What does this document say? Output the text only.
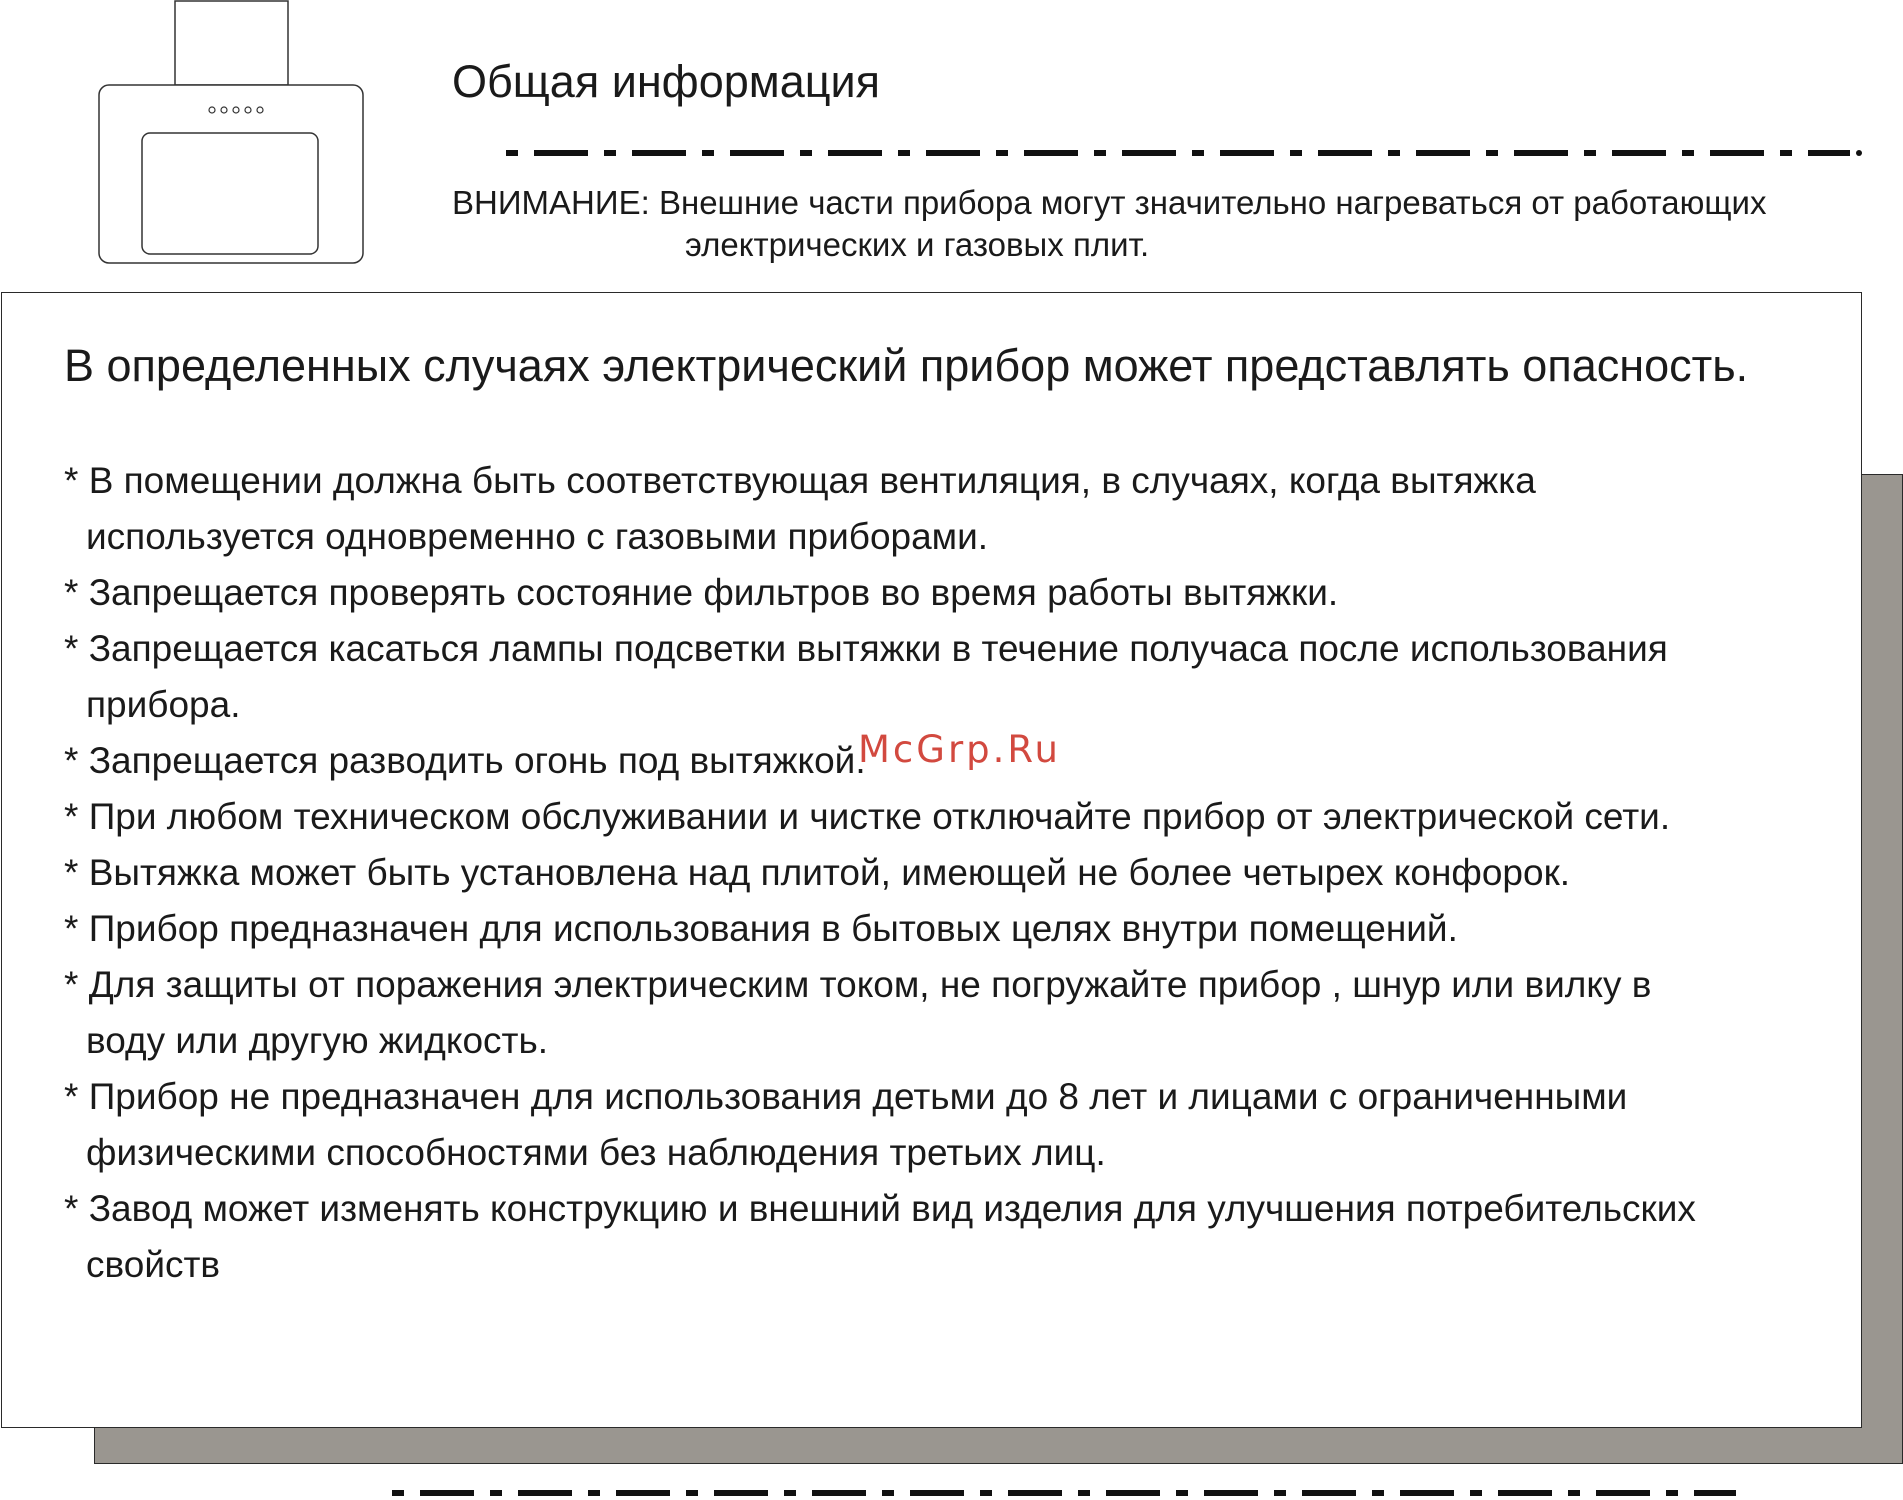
Общая информация

ВНИМАНИЕ: Внешние части прибора могут значительно нагреваться от работающих
электрических и газовых плит.

В определенных случаях электрический прибор может представлять опасность.

* В помещении должна быть соответствующая вентиляция, в случаях, когда вытяжка
используется одновременно с газовыми приборами.
* Запрещается проверять состояние фильтров во время работы вытяжки.
* Запрещается касаться лампы подсветки вытяжки в течение получаса после использования
прибора.
* Запрещается разводить огонь под вытяжкой.
* При любом техническом обслуживании и чистке отключайте прибор от электрической сети.
* Вытяжка может быть установлена над плитой, имеющей не более четырех конфорок.
* Прибор предназначен для использования в бытовых целях внутри помещений.
* Для защиты от поражения электрическим током, не погружайте прибор , шнур или вилку в
воду или другую жидкость.
* Прибор не предназначен для использования детьми до 8 лет и лицами с ограниченными
физическими способностями без наблюдения третьих лиц.
* Завод может изменять конструкцию и внешний вид изделия для улучшения потребительских
свойств

McGrp.Ru
